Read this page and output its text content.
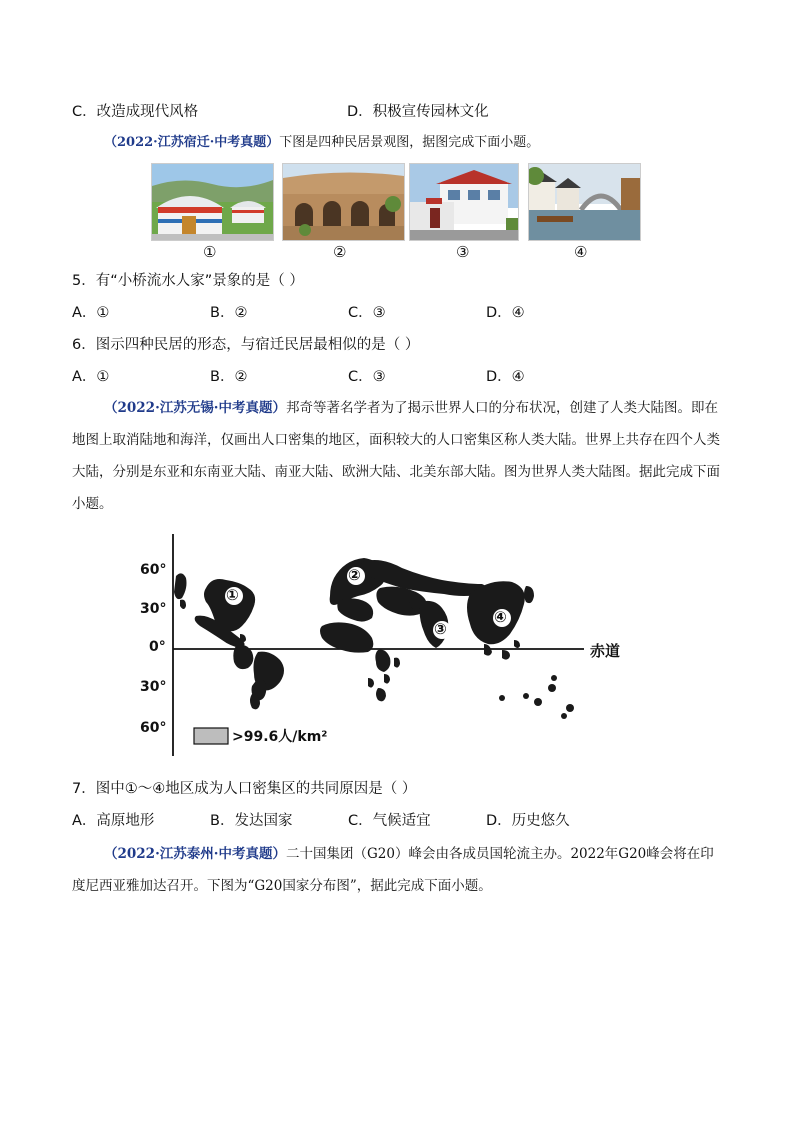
C．改造成现代风格	D．积极宣传园林文化
（2022·江苏宿迁·中考真题）下图是四种民居景观图，据图完成下面小题。
①	②	③	④
5．有“小桥流水人家”景象的是（ ）
A．①	B．②	C．③	D．④
6．图示四种民居的形态，与宿迁民居最相似的是（ ）
A．①	B．②	C．③	D．④
（2022·江苏无锡·中考真题）邦奇等著名学者为了揭示世界人口的分布状况，创建了人类大陆图。即在地图上取消陆地和海洋，仅画出人口密集的地区，面积较大的人口密集区称人类大陆。世界上共存在四个人类大陆，分别是东亚和东南亚大陆、南亚大陆、欧洲大陆、北美东部大陆。图为世界人类大陆图。据此完成下面小题。
60°
30°
0°
30°
60°
①
②
③
④
赤道
>99.6人/km²
7．图中①～④地区成为人口密集区的共同原因是（ ）
A．高原地形	B．发达国家	C．气候适宜	D．历史悠久
（2022·江苏泰州·中考真题）二十国集团（G20）峰会由各成员国轮流主办。2022年G20峰会将在印度尼西亚雅加达召开。下图为“G20国家分布图”，据此完成下面小题。
